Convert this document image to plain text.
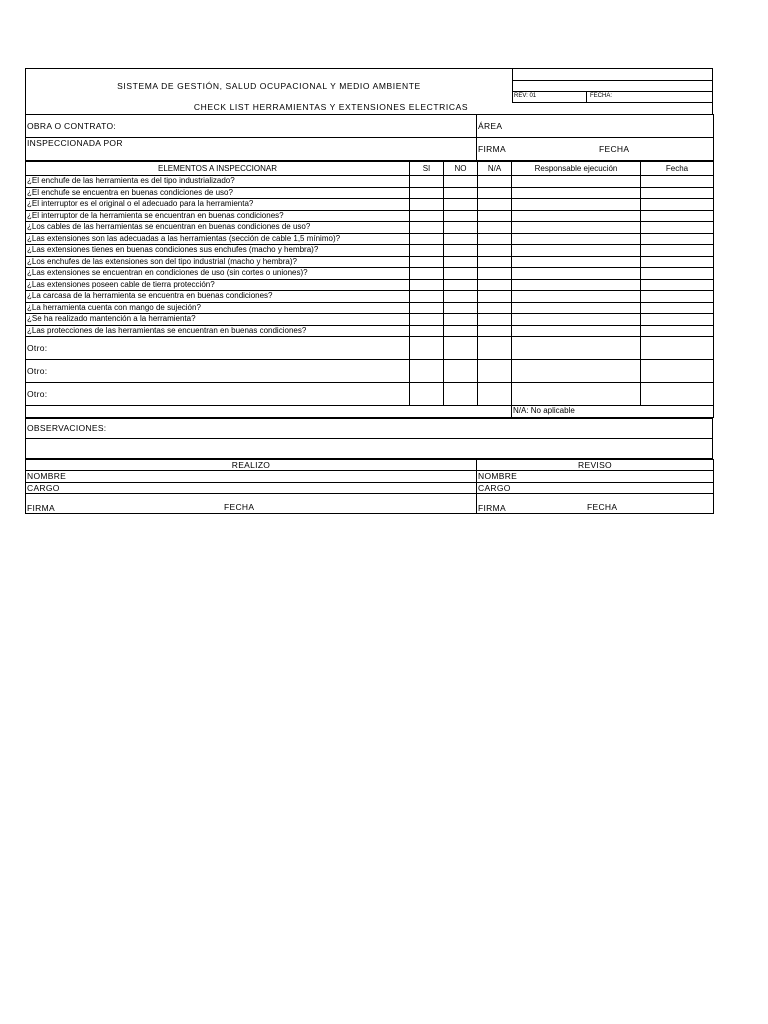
SISTEMA DE GESTIÓN, SALUD OCUPACIONAL Y MEDIO AMBIENTE
CHECK LIST HERRAMIENTAS Y EXTENSIONES ELECTRICAS
REV: 01	FECHA:
OBRA O CONTRATO:	ÁREA
INSPECCIONADA POR	FIRMA FECHA
ELEMENTOS A INSPECCIONAR	SI	NO	N/A	Responsable ejecución	Fecha
¿El enchufe de las herramienta es del tipo industrializado?					
¿El enchufe se encuentra en buenas condiciones de uso?					
¿El interruptor es el original o el adecuado para la herramienta?					
¿El interruptor de la herramienta se encuentran en buenas condiciones?					
¿Los cables de las herramientas se encuentran en buenas condiciones de uso?					
¿Las extensiones son las adecuadas a las herramientas (sección de cable 1,5 mínimo)?					
¿Las extensiones tienes en buenas condiciones sus enchufes (macho y hembra)?					
¿Los enchufes de las extensiones son del tipo industrial (macho y hembra)?					
¿Las extensiones se encuentran en condiciones de uso (sin cortes o uniones)?					
¿Las extensiones poseen cable de tierra protección?					
¿La carcasa de la herramienta se encuentra en buenas condiciones?					
¿La herramienta cuenta con mango de sujeción?					
¿Se ha realizado mantención a la herramienta?					
¿Las protecciones de las herramientas se encuentran en buenas condiciones?					
Otro:					
Otro:					
Otro:					
				N/A: No aplicable	
OBSERVACIONES:

REALIZO	REVISO
NOMBRE	NOMBRE
CARGO	CARGO
FIRMA FECHA	FIRMA FECHA
